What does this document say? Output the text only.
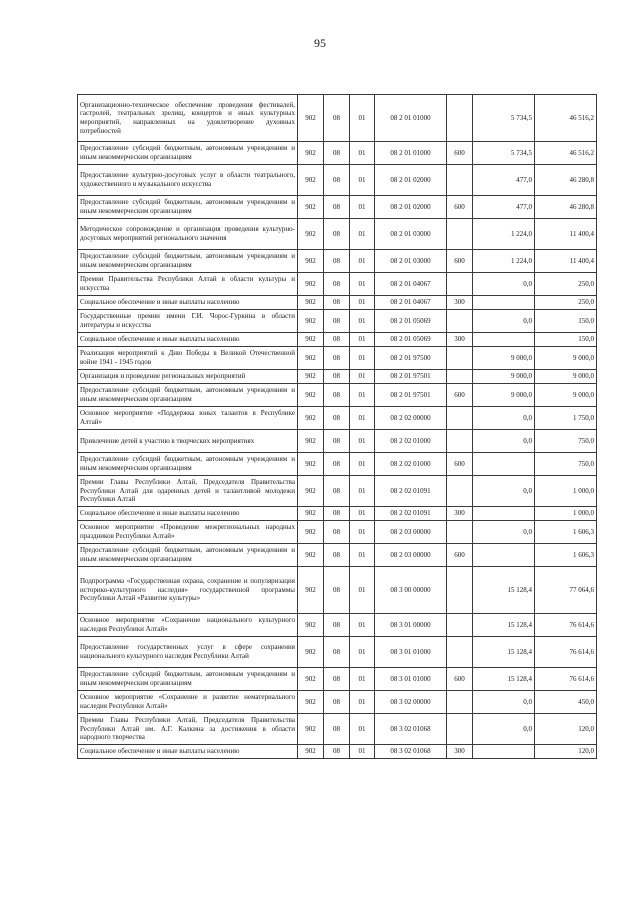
95
Организационно-техническое обеспечение проведения фестивалей, гастролей, театральных зрелищ, концертов и иных культурных мероприятий, направленных на удовлетворение духовных потребностей	902	08	01	08 2 01 01000		5 734,5	46 516,2
Предоставление субсидий бюджетным, автономным учреждениям и иным некоммерческим организациям	902	08	01	08 2 01 01000	600	5 734,5	46 516,2
Предоставление культурно-досуговых услуг в области театрального, художественного и музыкального искусства	902	08	01	08 2 01 02000		477,0	46 280,8
Предоставление субсидий бюджетным, автономным учреждениям и иным некоммерческим организациям	902	08	01	08 2 01 02000	600	477,0	46 280,8
Методическое сопровождение и организация проведения культурно-досуговых мероприятий регионального значения	902	08	01	08 2 01 03000		1 224,0	11 400,4
Предоставление субсидий бюджетным, автономным учреждениям и иным некоммерческим организациям	902	08	01	08 2 01 03000	600	1 224,0	11 400,4
Премии Правительства Республики Алтай в области культуры и искусства	902	08	01	08 2 01 04067		0,0	250,0
Социальное обеспечение и иные выплаты населению	902	08	01	08 2 01 04067	300		250,0
Государственные премии имени Г.И. Чорос-Гуркина в области литературы и искусства	902	08	01	08 2 01 05069		0,0	150,0
Социальное обеспечение и иные выплаты населению	902	08	01	08 2 01 05069	300		150,0
Реализация мероприятий к Дню Победы в Великой Отечественной войне 1941 - 1945 годов	902	08	01	08 2 01 97500		9 000,0	9 000,0
Организация и проведение региональных мероприятий	902	08	01	08 2 01 97501		9 000,0	9 000,0
Предоставление субсидий бюджетным, автономным учреждениям и иным некоммерческим организациям	902	08	01	08 2 01 97501	600	9 000,0	9 000,0
Основное мероприятие «Поддержка юных талантов в Республике Алтай»	902	08	01	08 2 02 00000		0,0	1 750,0
Привлечение детей к участию в творческих мероприятиях	902	08	01	08 2 02 01000		0,0	750,0
Предоставление субсидий бюджетным, автономным учреждениям и иным некоммерческим организациям	902	08	01	08 2 02 01000	600		750,0
Премии Главы Республики Алтай, Председателя Правительства Республики Алтай для одаренных детей и талантливой молодежи Республики Алтай	902	08	01	08 2 02 01091		0,0	1 000,0
Социальное обеспечение и иные выплаты населению	902	08	01	08 2 02 01091	300		1 000,0
Основное мероприятие «Проведение межрегиональных народных праздников Республики Алтай»	902	08	01	08 2 03 00000		0,0	1 606,3
Предоставление субсидий бюджетным, автономным учреждениям и иным некоммерческим организациям	902	08	01	08 2 03 00000	600		1 606,3
Подпрограмма «Государственная охрана, сохранение и популяризация историко-культурного наследия» государственной программы Республики Алтай «Развитие культуры»	902	08	01	08 3 00 00000		15 128,4	77 064,6
Основное мероприятие «Сохранение национального культурного наследия Республики Алтай»	902	08	01	08 3 01 00000		15 128,4	76 614,6
Предоставление государственных услуг в сфере сохранения национального культурного наследия Республики Алтай	902	08	01	08 3 01 01000		15 128,4	76 614,6
Предоставление субсидий бюджетным, автономным учреждениям и иным некоммерческим организациям	902	08	01	08 3 01 01000	600	15 128,4	76 614,6
Основное мероприятие «Сохранение и развитие нематериального наследия Республики Алтай»	902	08	01	08 3 02 00000		0,0	450,0
Премии Главы Республики Алтай, Председателя Правительства Республики Алтай им. А.Г. Калкина за достижения в области народного творчества	902	08	01	08 3 02 01068		0,0	120,0
Социальное обеспечение и иные выплаты населению	902	08	01	08 3 02 01068	300		120,0
